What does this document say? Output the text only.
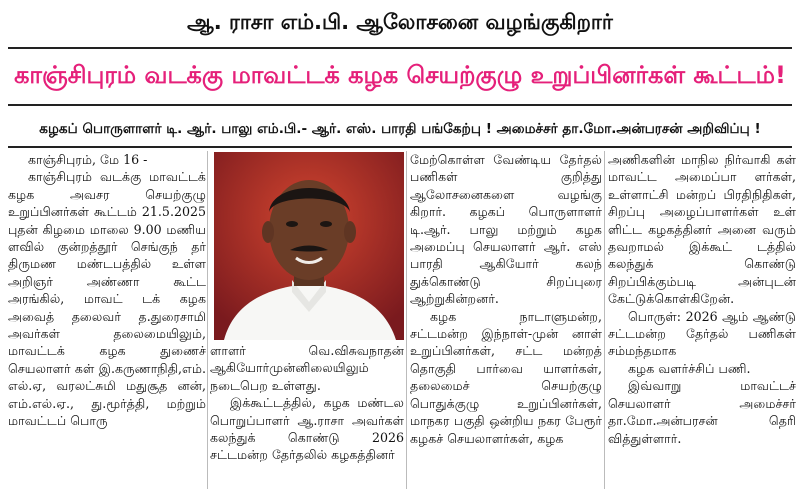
ஆ. ராசா எம்.பி. ஆலோசனை வழங்குகிறார்
காஞ்சிபுரம் வடக்கு மாவட்டக் கழக செயற்குழு உறுப்பினர்கள் கூட்டம்!
கழகப் பொருளாளர் டி. ஆர். பாலு எம்.பி.- ஆர். எஸ். பாரதி பங்கேற்பு ! அமைச்சர் தா.மோ.அன்பரசன் அறிவிப்பு !

காஞ்சிபுரம், மே 16 -

காஞ்சிபுரம் வடக்கு மாவட்டக் கழக அவசர செயற்குழு உறுப்பினர்கள் கூட்டம் 21.5.2025 புதன் கிழமை மாலை 9.00 மணிய ளவில் குன்றத்தூர் செங்குந் தர் திருமண மண்டபத்தில் உள்ள அறிஞர் அண்ணா கூட்ட அரங்கில், மாவட் டக் கழக அவைத் தலைவர் த.துரைசாமி அவர்கள் தலைமையிலும், மாவட்டக் கழக துணைச் செயலாளர் கள் இ.கருணாநிதி,எம். எல்.ஏ, வரலட்சுமி மதுசூத னன், எம்.எல்.ஏ., து.மூர்த்தி, மற்றும் மாவட்டப் பொரு

ளாளர் வெ.விசுவநாதன் ஆகியோர்முன்னிலையிலும் நடைபெற உள்ளது.

இக்கூட்டத்தில், கழக மண்டல பொறுப்பாளர் ஆ.ராசா அவர்கள் கலந்துக் கொண்டு 2026 சட்டமன்ற தேர்தலில் கழகத்தினர்

மேற்கொள்ள வேண்டிய தேர்தல் பணிகள் குறித்து ஆலோசனைகளை வழங்கு கிறார். கழகப் பொருளாளர் டி.ஆர். பாலு மற்றும் கழக அமைப்பு செயலாளர் ஆர். எஸ் பாரதி ஆகியோர் கலந் துக்கொண்டு சிறப்புரை ஆற்றுகின்றனர்.

கழக நாடாளுமன்ற, சட்டமன்ற இந்நாள்-முன் னாள் உறுப்பினர்கள், சட்ட மன்றத் தொகுதி பார்வை யாளர்கள், தலைமைச் செயற்குழு பொதுக்குழு உறுப்பினர்கள், மாநகர பகுதி ஒன்றிய நகர பேரூர் கழகச் செயலாளர்கள், கழக

அணிகளின் மாநில நிர்வாகி கள் மாவட்ட அமைப்பா ளர்கள், உள்ளாட்சி மன்றப் பிரதிநிதிகள், சிறப்பு அழைப்பாளர்கள் உள் ளிட்ட கழகத்தினர் அனை வரும் தவறாமல் இக்கூட் டத்தில் கலந்துக் கொண்டு சிறப்பிக்கும்படி அன்புடன் கேட்டுக்கொள்கிறேன்.

பொருள்: 2026 ஆம் ஆண்டு சட்டமன்ற தேர்தல் பணிகள் சம்மந்தமாக

கழக வளர்ச்சிப் பணி.

இவ்வாறு மாவட்டச் செயலாளர் அமைச்சர் தா.மோ.அன்பரசன் தெரி வித்துள்ளார்.
